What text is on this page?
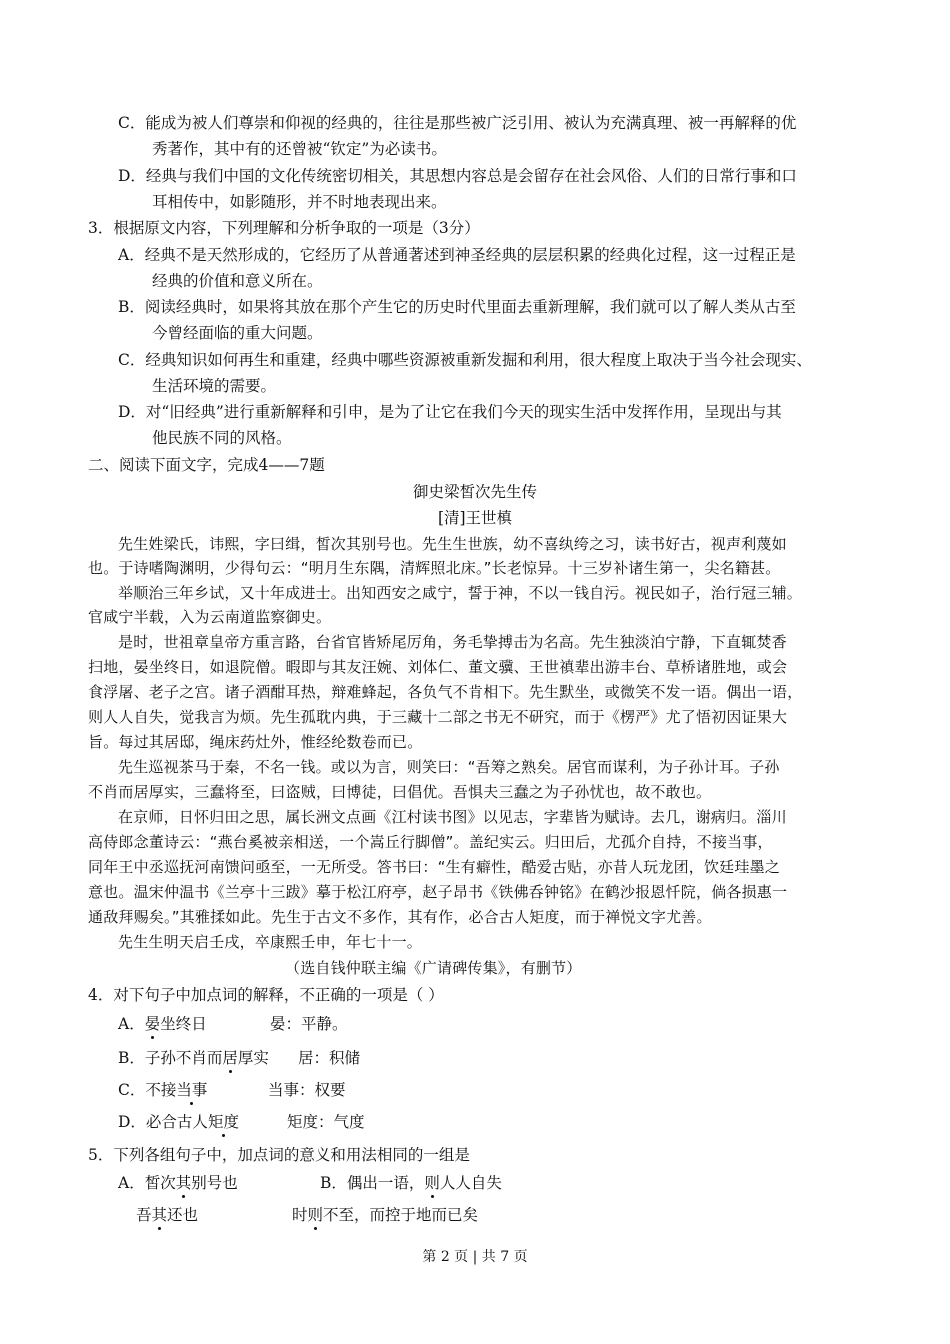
C．能成为被人们尊崇和仰视的经典的，往往是那些被广泛引用、被认为充满真理、被一再解释的优
秀著作，其中有的还曾被“钦定”为必读书。
D．经典与我们中国的文化传统密切相关，其思想内容总是会留存在社会风俗、人们的日常行事和口
耳相传中，如影随形，并不时地表现出来。
3．根据原文内容，下列理解和分析争取的一项是（3分）
A．经典不是天然形成的，它经历了从普通著述到神圣经典的层层积累的经典化过程，这一过程正是
经典的价值和意义所在。
B．阅读经典时，如果将其放在那个产生它的历史时代里面去重新理解，我们就可以了解人类从古至
今曾经面临的重大问题。
C．经典知识如何再生和重建，经典中哪些资源被重新发掘和利用，很大程度上取决于当今社会现实、
生活环境的需要。
D．对“旧经典”进行重新解释和引申，是为了让它在我们今天的现实生活中发挥作用，呈现出与其
他民族不同的风格。
二、阅读下面文字，完成4——7题
御史梁皙次先生传
[清]王世槙
先生姓梁氏，讳熙，字曰缉，皙次其别号也。先生生世族，幼不喜纨绔之习，读书好古，视声利蔑如
也。于诗嗜陶渊明，少得句云：“明月生东隅，清辉照北床。”长老惊异。十三岁补诸生第一，尖名籍甚。
举顺治三年乡试，又十年成进士。出知西安之咸宁，誓于神，不以一钱自污。视民如子，治行冠三辅。
官咸宁半载，入为云南道监察御史。
是时，世祖章皇帝方重言路，台省官皆矫尾厉角，务毛挚搏击为名高。先生独淡泊宁静，下直辄焚香
扫地，晏坐终日，如退院僧。暇即与其友汪婉、刘体仁、董文骥、王世禛辈出游丰台、草桥诸胜地，或会
食浮屠、老子之宫。诸子酒酣耳热，辩难蜂起，各负气不肯相下。先生默坐，或微笑不发一语。偶出一语，
则人人自失，觉我言为烦。先生孤耽内典，于三藏十二部之书无不研究，而于《楞严》尤了悟初因证果大
旨。每过其居邸，绳床药灶外，惟经纶数卷而已。
先生巡视茶马于秦，不名一钱。或以为言，则笑曰：“吾筹之熟矣。居官而谋利，为子孙计耳。子孙
不肖而居厚实，三蠢将至，曰盗贼，曰博徒，曰倡优。吾惧夫三蠢之为子孙忧也，故不敢也。
在京师，日怀归田之思，属长洲文点画《江村读书图》以见志，字辈皆为赋诗。去几，谢病归。淄川
高侍郎念董诗云：“燕台奚被亲相送，一个嵩丘行脚僧”。盖纪实云。归田后，尤孤介自持，不接当事，
同年王中丞巡抚河南馈问亟至，一无所受。答书曰：“生有癖性，酷爱古贴，亦昔人玩龙团，饮廷珪墨之
意也。温宋仲温书《兰亭十三跋》摹于松江府亭，赵子昂书《铁佛呑钟铭》在鹤沙报恩忏院，倘各损惠一
通敌拜赐矣。”其雅揉如此。先生于古文不多作，其有作，必合古人矩度，而于禅悦文字尤善。
先生生明天启壬戌，卒康熙壬申，年七十一。
（选自钱仲联主编《广请碑传集》，有删节）
4．对下句子中加点词的解释，不正确的一项是（ ）
A．晏坐终日	晏：平静。
B．子孙不肖而居厚实 居：积储
C．不接当事	当事：权要
D．必合古人矩度	矩度：气度
5．下列各组句子中，加点词的意义和用法相同的一组是
A．皙次其别号也	B．偶出一语，则人人自失
吾其还也	时则不至，而控于地而已矣
第 2 页 | 共 7 页
